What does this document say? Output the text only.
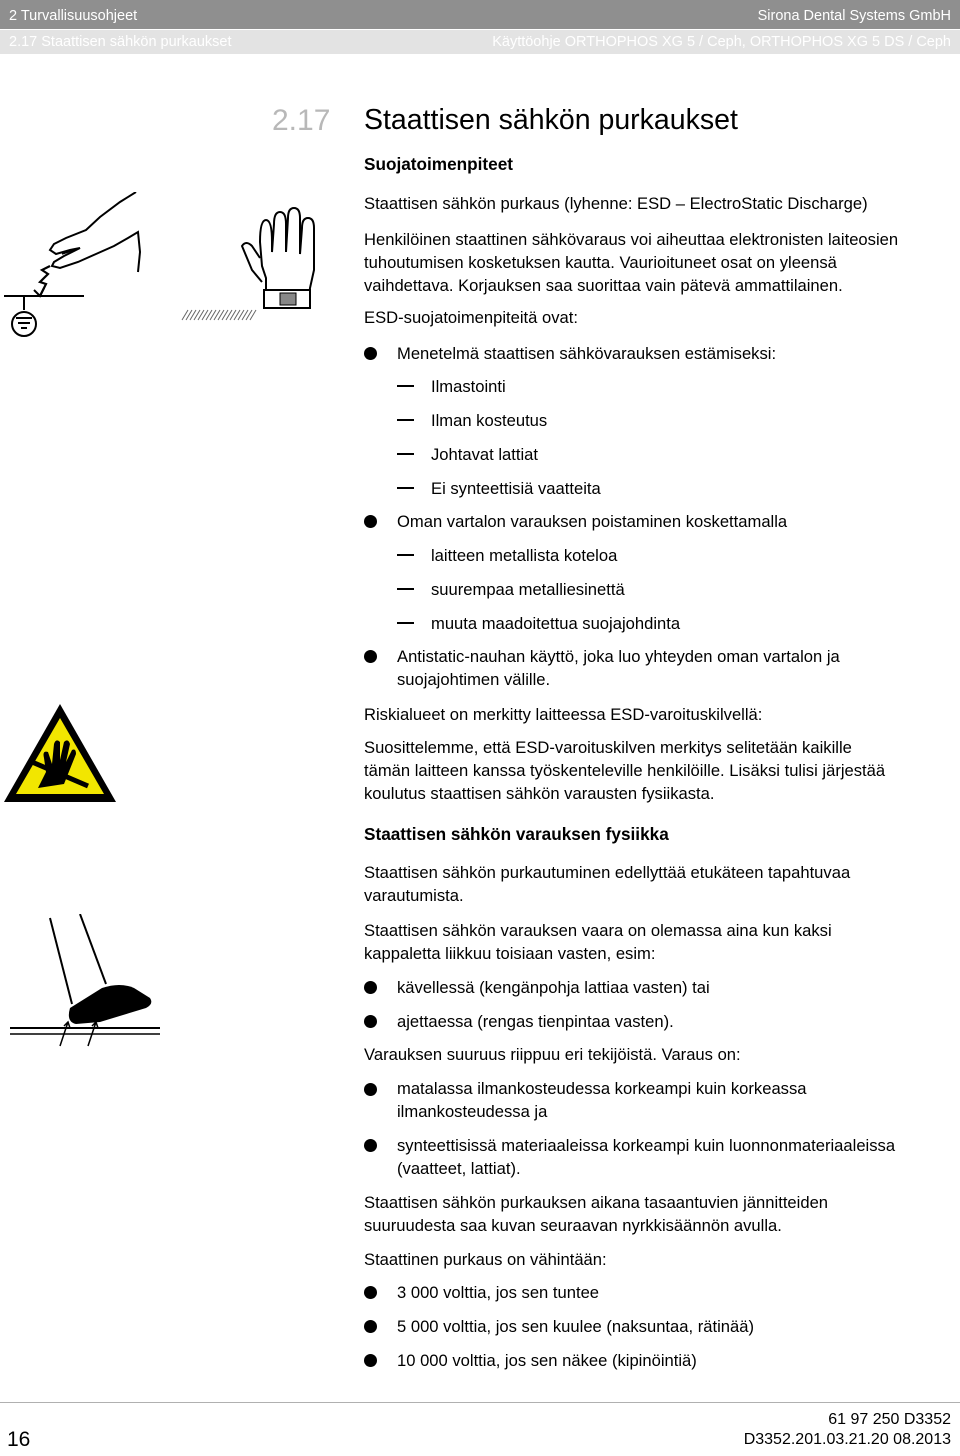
2 Turvallisuusohjeet	Sirona Dental Systems GmbH
2.17 Staattisen sähkön purkaukset	Käyttöohje ORTHOPHOS XG 5 / Ceph, ORTHOPHOS XG 5 DS / Ceph
2.17 Staattisen sähkön purkaukset
Suojatoimenpiteet
Staattisen sähkön purkaus (lyhenne: ESD – ElectroStatic Discharge)
Henkilöinen staattinen sähkövaraus voi aiheuttaa elektronisten laiteosien
tuhoutumisen kosketuksen kautta. Vaurioituneet osat on yleensä
vaihdettava. Korjauksen saa suorittaa vain pätevä ammattilainen.
ESD-suojatoimenpiteitä ovat:
Menetelmä staattisen sähkövarauksen estämiseksi:
Ilmastointi
Ilman kosteutus
Johtavat lattiat
Ei synteettisiä vaatteita
Oman vartalon varauksen poistaminen koskettamalla
laitteen metallista koteloa
suurempaa metalliesinettä
muuta maadoitettua suojajohdinta
Antistatic-nauhan käyttö, joka luo yhteyden oman vartalon ja
suojajohtimen välille.
Riskialueet on merkitty laitteessa ESD-varoituskilvellä:
Suosittelemme, että ESD-varoituskilven merkitys selitetään kaikille
tämän laitteen kanssa työskenteleville henkilöille. Lisäksi tulisi järjestää
koulutus staattisen sähkön varausten fysiikasta.
Staattisen sähkön varauksen fysiikka
Staattisen sähkön purkautuminen edellyttää etukäteen tapahtuvaa
varautumista.
Staattisen sähkön varauksen vaara on olemassa aina kun kaksi
kappaletta liikkuu toisiaan vasten, esim:
kävellessä (kengänpohja lattiaa vasten) tai
ajettaessa (rengas tienpintaa vasten).
Varauksen suuruus riippuu eri tekijöistä. Varaus on:
matalassa ilmankosteudessa korkeampi kuin korkeassa
ilmankosteudessa ja
synteettisissä materiaaleissa korkeampi kuin luonnonmateriaaleissa
(vaatteet, lattiat).
Staattisen sähkön purkauksen aikana tasaantuvien jännitteiden
suuruudesta saa kuvan seuraavan nyrkkisäännön avulla.
Staattinen purkaus on vähintään:
3 000 volttia, jos sen tuntee
5 000 volttia, jos sen kuulee (naksuntaa, rätinää)
10 000 volttia, jos sen näkee (kipinöintiä)
16
61 97 250 D3352
D3352.201.03.21.20 08.2013
